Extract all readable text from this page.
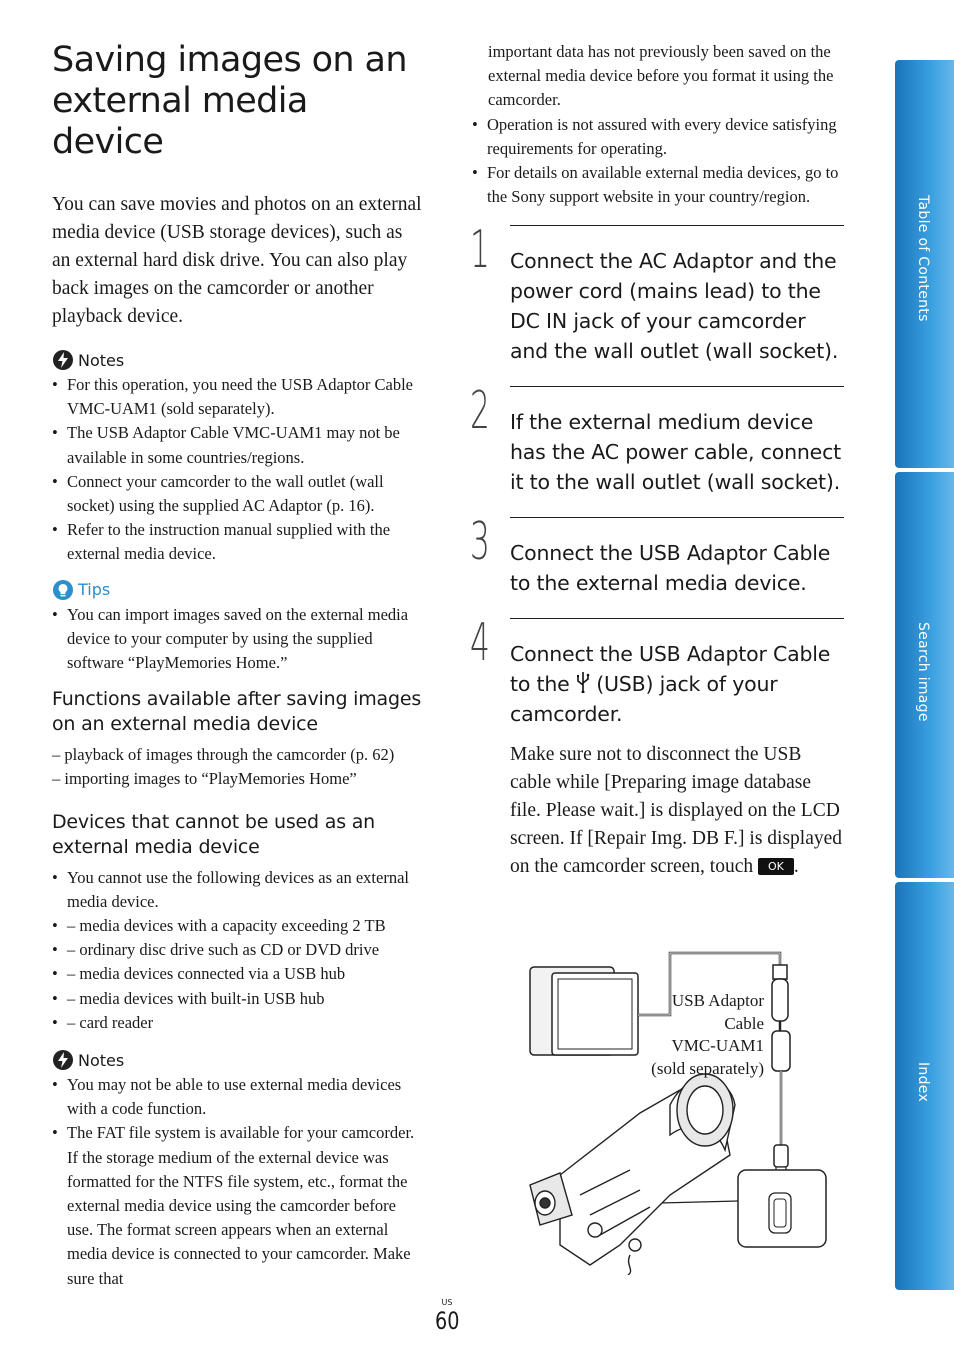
Saving images on an external media device

You can save movies and photos on an external media device (USB storage devices), such as an external hard disk drive. You can also play back images on the camcorder or another playback device.

Notes
• For this operation, you need the USB Adaptor Cable VMC-UAM1 (sold separately).
• The USB Adaptor Cable VMC-UAM1 may not be available in some countries/regions.
• Connect your camcorder to the wall outlet (wall socket) using the supplied AC Adaptor (p. 16).
• Refer to the instruction manual supplied with the external media device.
Tips
• You can import images saved on the external media device to your computer by using the supplied software “PlayMemories Home.”
Functions available after saving images on an external media device
– playback of images through the camcorder (p. 62)
– importing images to “PlayMemories Home”
Devices that cannot be used as an external media device
• You cannot use the following devices as an external media device.
• – media devices with a capacity exceeding 2 TB
• – ordinary disc drive such as CD or DVD drive
• – media devices connected via a USB hub
• – media devices with built-in USB hub
• – card reader
Notes
• You may not be able to use external media devices with a code function.
• The FAT file system is available for your camcorder. If the storage medium of the external device was formatted for the NTFS file system, etc., format the external media device using the camcorder before use. The format screen appears when an external media device is connected to your camcorder. Make sure that
important data has not previously been saved on the external media device before you format it using the camcorder.
• Operation is not assured with every device satisfying requirements for operating.
• For details on available external media devices, go to the Sony support website in your country/region.
1 Connect the AC Adaptor and the power cord (mains lead) to the DC IN jack of your camcorder and the wall outlet (wall socket).
2 If the external medium device has the AC power cable, connect it to the wall outlet (wall socket).
3 Connect the USB Adaptor Cable to the external media device.
4 Connect the USB Adaptor Cable to the (USB) jack of your camcorder.
Make sure not to disconnect the USB cable while [Preparing image database file. Please wait.] is displayed on the LCD screen. If [Repair Img. DB F.] is displayed on the camcorder screen, touch OK .
USB Adaptor
Cable
VMC-UAM1
(sold separately)
Table of Contents
Search image
Index
US
60
